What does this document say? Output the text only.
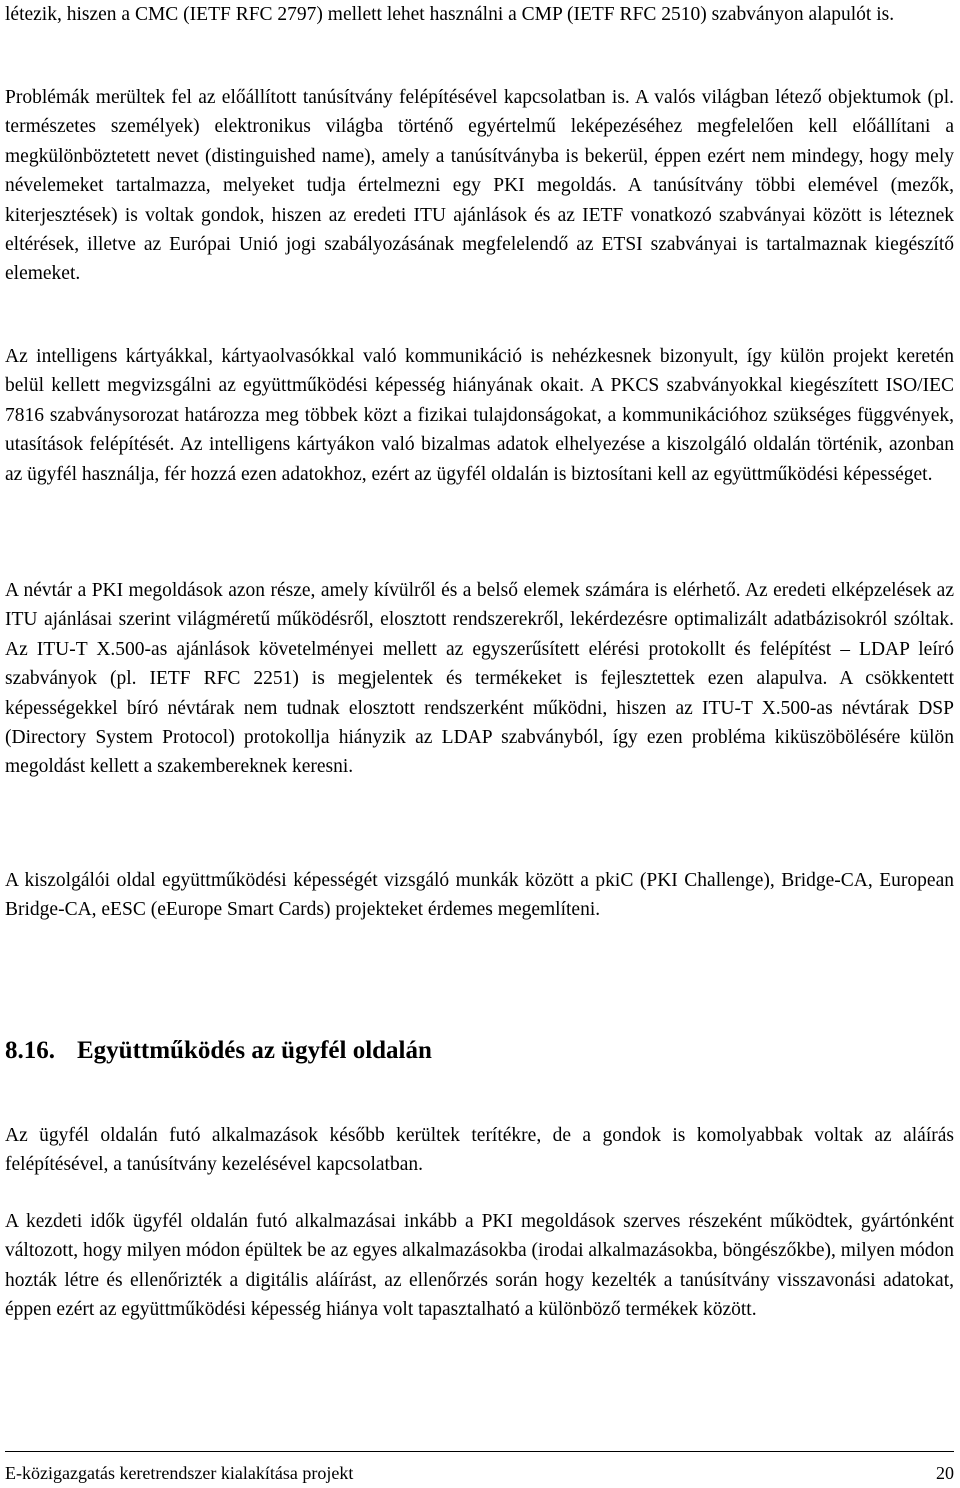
létezik, hiszen a CMC (IETF RFC 2797) mellett lehet használni a CMP (IETF RFC 2510) szabványon alapulót is.

Problémák merültek fel az előállított tanúsítvány felépítésével kapcsolatban is. A valós világban létező objektumok (pl. természetes személyek) elektronikus világba történő egyértelmű leképezéséhez megfelelően kell előállítani a megkülönböztetett nevet (distinguished name), amely a tanúsítványba is bekerül, éppen ezért nem mindegy, hogy mely névelemeket tartalmazza, melyeket tudja értelmezni egy PKI megoldás. A tanúsítvány többi elemével (mezők, kiterjesztések) is voltak gondok, hiszen az eredeti ITU ajánlások és az IETF vonatkozó szabványai között is léteznek eltérések, illetve az Európai Unió jogi szabályozásának megfelelendő az ETSI szabványai is tartalmaznak kiegészítő elemeket.

Az intelligens kártyákkal, kártyaolvasókkal való kommunikáció is nehézkesnek bizonyult, így külön projekt keretén belül kellett megvizsgálni az együttműködési képesség hiányának okait. A PKCS szabványokkal kiegészített ISO/IEC 7816 szabványsorozat határozza meg többek közt a fizikai tulajdonságokat, a kommunikációhoz szükséges függvények, utasítások felépítését. Az intelligens kártyákon való bizalmas adatok elhelyezése a kiszolgáló oldalán történik, azonban az ügyfél használja, fér hozzá ezen adatokhoz, ezért az ügyfél oldalán is biztosítani kell az együttműködési képességet.

A névtár a PKI megoldások azon része, amely kívülről és a belső elemek számára is elérhető. Az eredeti elképzelések az ITU ajánlásai szerint világméretű működésről, elosztott rendszerekről, lekérdezésre optimalizált adatbázisokról szóltak. Az ITU-T X.500-as ajánlások követelményei mellett az egyszerűsített elérési protokollt és felépítést – LDAP leíró szabványok (pl. IETF RFC 2251) is megjelentek és termékeket is fejlesztettek ezen alapulva. A csökkentett képességekkel bíró névtárak nem tudnak elosztott rendszerként működni, hiszen az ITU-T X.500-as névtárak DSP (Directory System Protocol) protokollja hiányzik az LDAP szabványból, így ezen probléma kiküszöbölésére külön megoldást kellett a szakembereknek keresni.

A kiszolgálói oldal együttműködési képességét vizsgáló munkák között a pkiC (PKI Challenge), Bridge-CA, European Bridge-CA, eESC (eEurope Smart Cards) projekteket érdemes megemlíteni.

8.16. Együttműködés az ügyfél oldalán

Az ügyfél oldalán futó alkalmazások később kerültek terítékre, de a gondok is komolyabbak voltak az aláírás felépítésével, a tanúsítvány kezelésével kapcsolatban.

A kezdeti idők ügyfél oldalán futó alkalmazásai inkább a PKI megoldások szerves részeként működtek, gyártónként változott, hogy milyen módon épültek be az egyes alkalmazásokba (irodai alkalmazásokba, böngészőkbe), milyen módon hozták létre és ellenőrizték a digitális aláírást, az ellenőrzés során hogy kezelték a tanúsítvány visszavonási adatokat, éppen ezért az együttműködési képesség hiánya volt tapasztalható a különböző termékek között.

E-közigazgatás keretrendszer kialakítása projekt	20
